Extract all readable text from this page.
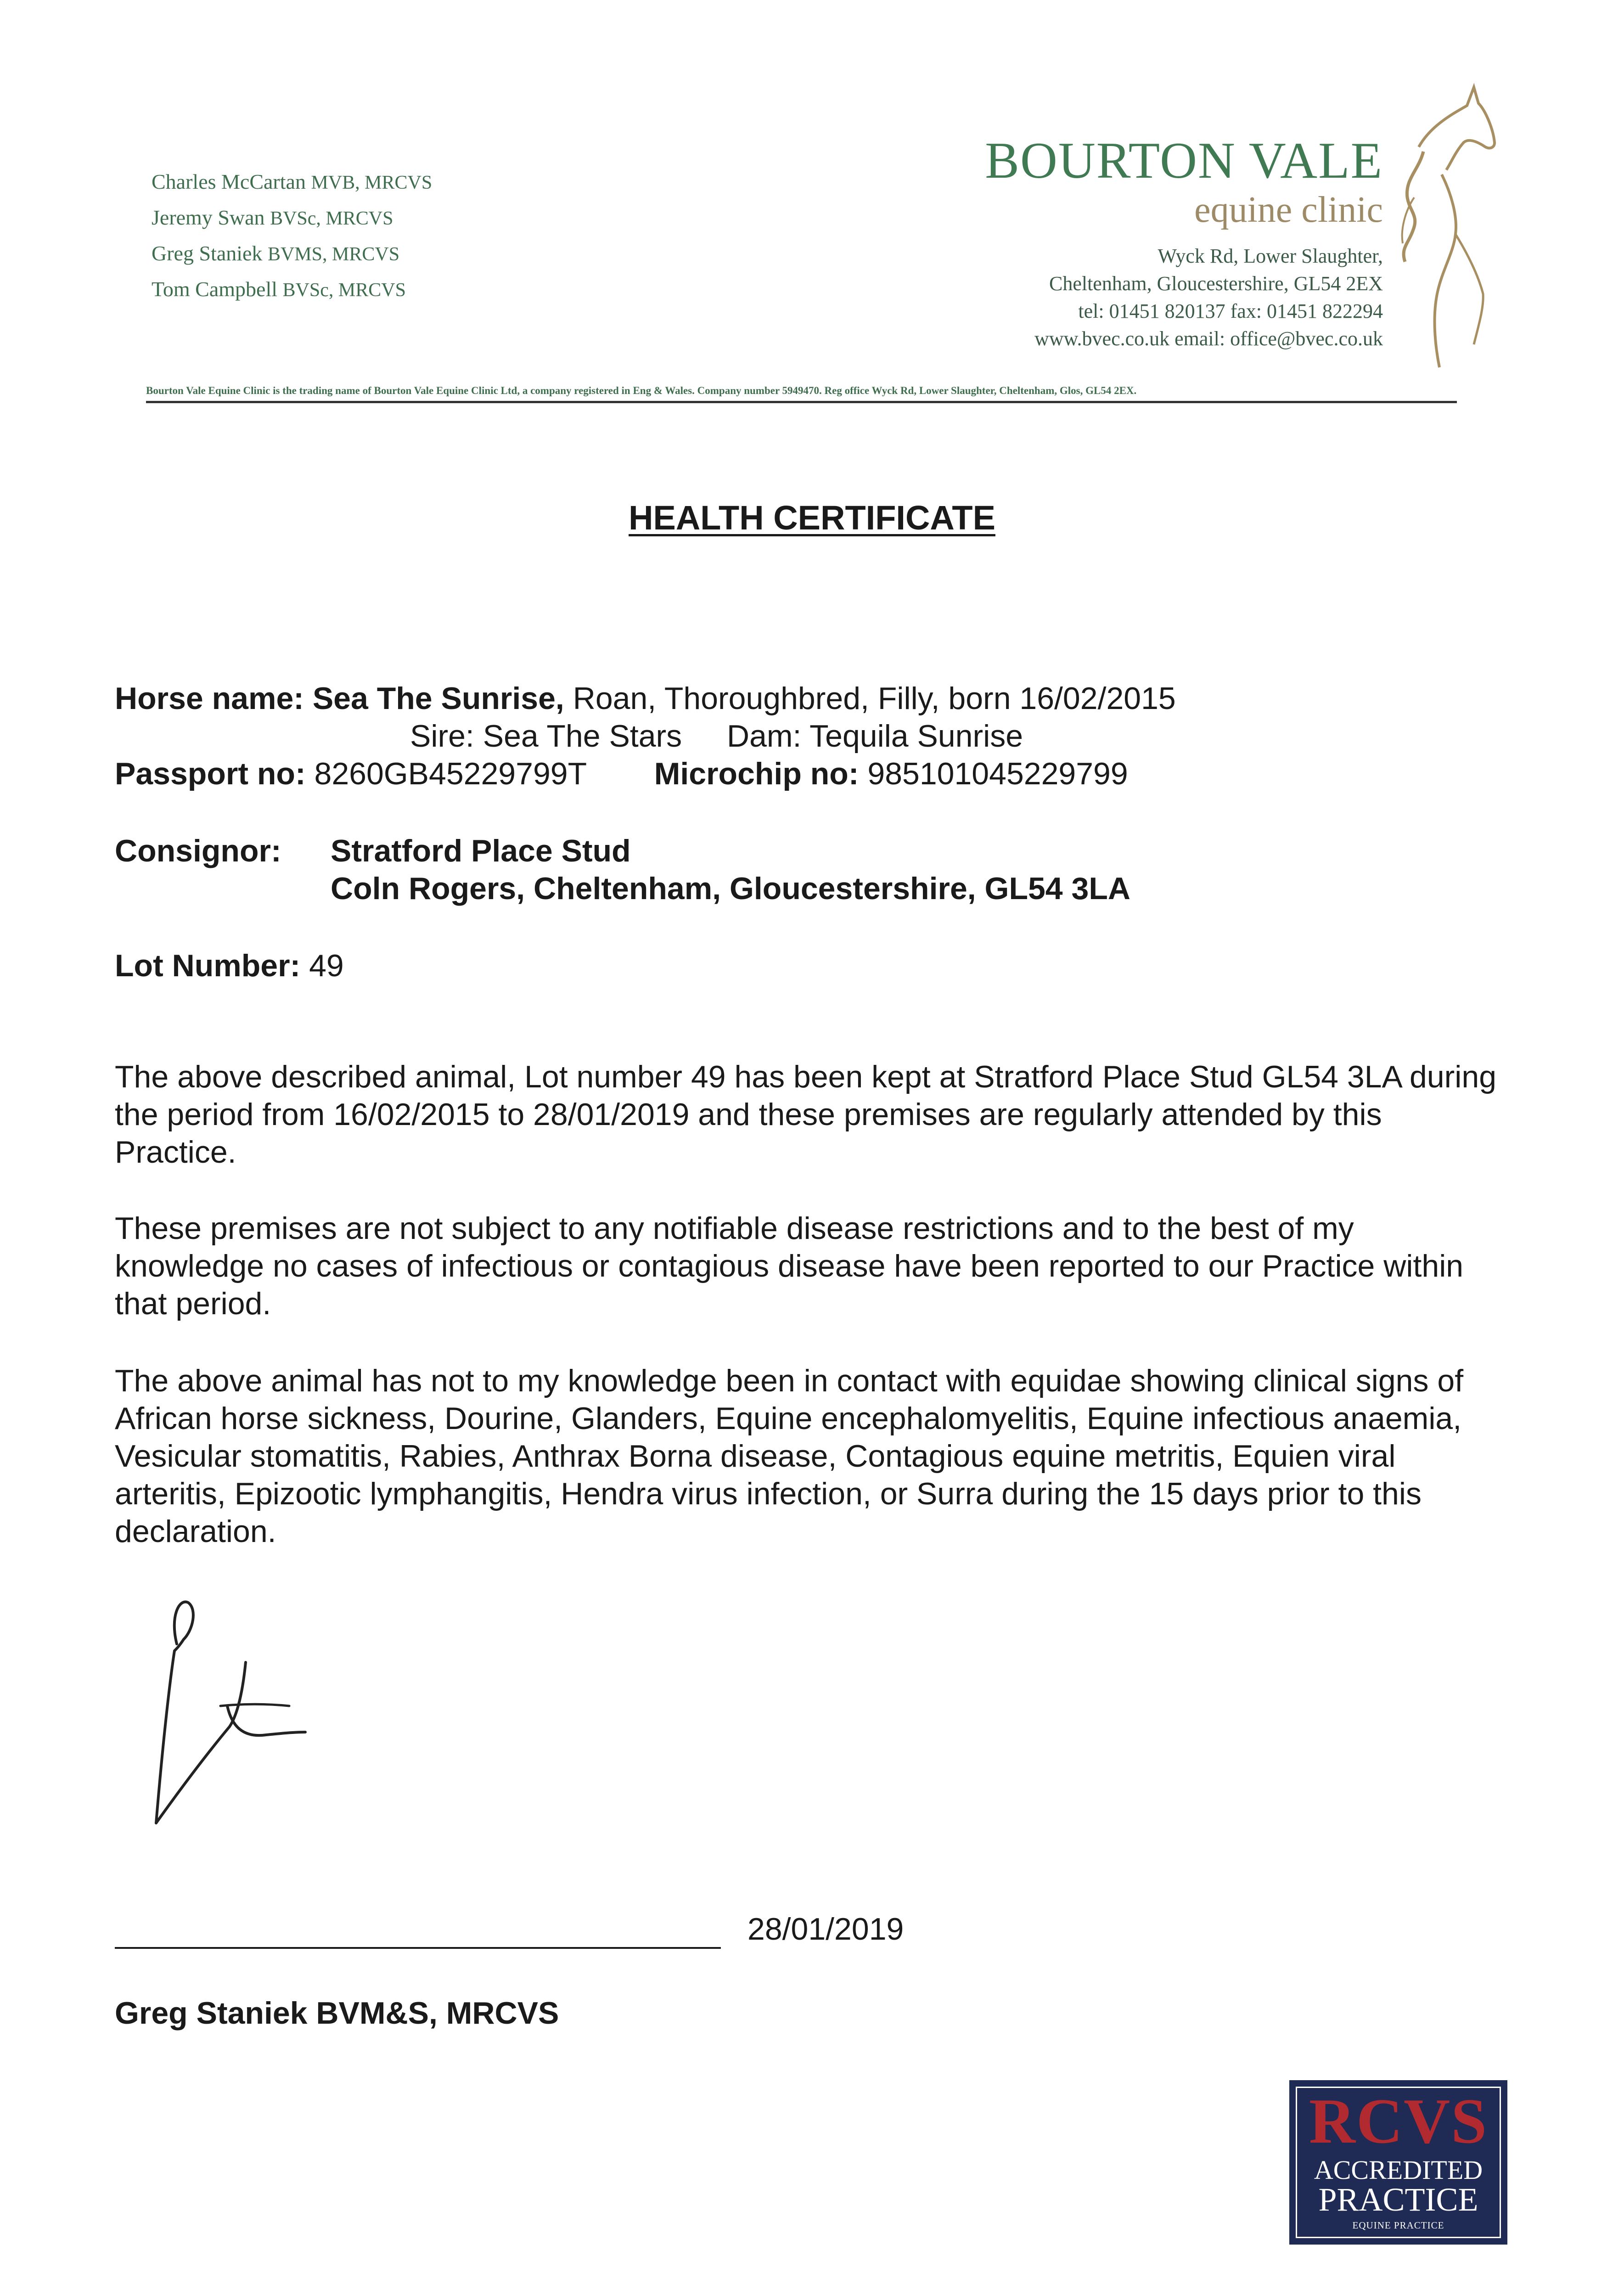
Charles McCartan MVB, MRCVS
Jeremy Swan BVSc, MRCVS
Greg Staniek BVMS, MRCVS
Tom Campbell BVSc, MRCVS
BOURTON VALE
equine clinic
Wyck Rd, Lower Slaughter,
Cheltenham, Gloucestershire, GL54 2EX
tel: 01451 820137 fax: 01451 822294
www.bvec.co.uk email: office@bvec.co.uk
Bourton Vale Equine Clinic is the trading name of Bourton Vale Equine Clinic Ltd, a company registered in Eng & Wales. Company number 5949470. Reg office Wyck Rd, Lower Slaughter, Cheltenham, Glos, GL54 2EX.
HEALTH CERTIFICATE
Horse name: Sea The Sunrise, Roan, Thoroughbred, Filly, born 16/02/2015
Sire: Sea The Stars Dam: Tequila Sunrise
Passport no: 8260GB45229799T Microchip no: 985101045229799
Consignor: Stratford Place Stud
Coln Rogers, Cheltenham, Gloucestershire, GL54 3LA
Lot Number: 49
The above described animal, Lot number 49 has been kept at Stratford Place Stud GL54 3LA during the period from 16/02/2015 to 28/01/2019 and these premises are regularly attended by this Practice.
These premises are not subject to any notifiable disease restrictions and to the best of my knowledge no cases of infectious or contagious disease have been reported to our Practice within that period.
The above animal has not to my knowledge been in contact with equidae showing clinical signs of African horse sickness, Dourine, Glanders, Equine encephalomyelitis, Equine infectious anaemia, Vesicular stomatitis, Rabies, Anthrax Borna disease, Contagious equine metritis, Equien viral arteritis, Epizootic lymphangitis, Hendra virus infection, or Surra during the 15 days prior to this declaration.
28/01/2019
Greg Staniek BVM&S, MRCVS
RCVS
ACCREDITED
PRACTICE
EQUINE PRACTICE
